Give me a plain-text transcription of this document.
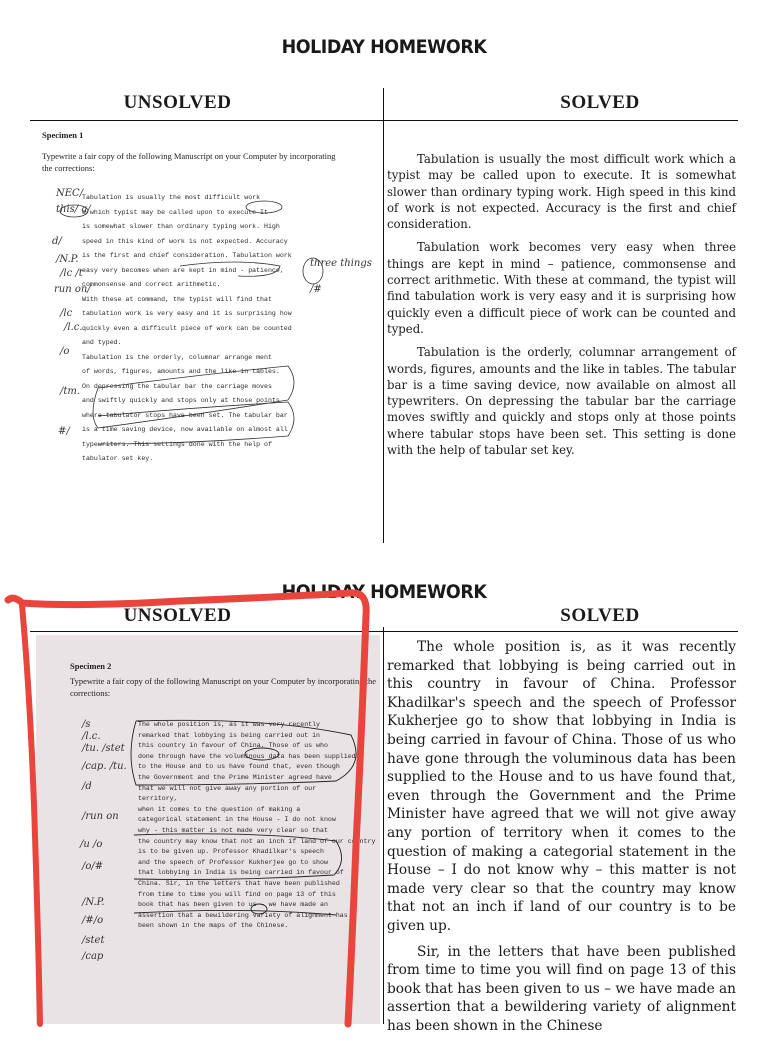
HOLIDAY HOMEWORK
UNSOLVED	SOLVED
Specimen 1
Typewrite a fair copy of the following Manuscript on your Computer by incorporating the corrections:
Tabulation is usually the most difficult work
a which typist may be called upon to execute It
is somewhat slower than ordinary typing work. High
speed in this kind of work is not expected. Accuracy
is the first and chief consideration. Tabulation work
easy very becomes when are kept in mind - patience,
commonsense and correct arithmetic.
With these at command, the typist will find that
tabulation work is very easy and it is surprising how
quickly even a difficult piece of work can be counted
and typed.
Tabulation is the orderly, columnar arrange ment
of words, figures, amounts and the like in tables.
On depressing the tabular bar the carriage moves
and swiftly quickly and stops only at those points
where tabulator stops have been set. The tabular bar
is a time saving device, now available on almost all
typewriters. This settings done with the help of
tabulator set key.
NEC/
this/ a/
d/
/N.P.
/lc /t
run on/
/lc
/l.c.
/o
/tm.
#/
three things
/#

Tabulation is usually the most difficult work which a typist may be called upon to execute. It is somewhat slower than ordinary typing work. High speed in this kind of work is not expected. Accuracy is the first and chief consideration.

Tabulation work becomes very easy when three things are kept in mind – patience, commonsense and correct arithmetic. With these at command, the typist will find tabulation work is very easy and it is surprising how quickly even a difficult piece of work can be counted and typed.

Tabulation is the orderly, columnar arrangement of words, figures, amounts and the like in tables. The tabular bar is a time saving device, now available on almost all typewriters. On depressing the tabular bar the carriage moves swiftly and quickly and stops only at those points where tabular stops have been set. This setting is done with the help of tabular set key.

HOLIDAY HOMEWORK
UNSOLVED	SOLVED
Specimen 2
Typewrite a fair copy of the following Manuscript on your Computer by incorporating the corrections:
The whole position is, as it was very recently
remarked that lobbying is being carried out in
this country in favour of China. Those of us who
done through have the voluminous data has been supplied
to the House and to us have found that, even though
the Government and the Prime Minister agreed have
that we will not give away any portion of our
territory,
when it comes to the question of making a
categorical statement in the House - I do not know
why - this matter is not made very clear so that
the country may know that not an inch if land of our country
is to be given up. Professor Khadilkar's speech
and the speech of Professor Kukherjee go to show
that lobbying in India is being carried in favour of
China. Sir, in the letters that have been published
from time to time you will find on page 13 of this
book that has been given to us - we have made an
assertion that a bewildering variety of alignment has
been shown in the maps of the Chinese.
/s
/l.c.
/tu. /stet
/cap. /tu.
/d
/run on
/u /o
/o/#
/N.P.
/#/o
/stet
/cap

The whole position is, as it was recently remarked that lobbying is being carried out in this country in favour of China. Professor Khadilkar's speech and the speech of Professor Kukherjee go to show that lobbying in India is being carried in favour of China. Those of us who have gone through the voluminous data has been supplied to the House and to us have found that, even through the Government and the Prime Minister have agreed that we will not give away any portion of territory when it comes to the question of making a categorial statement in the House – I do not know why – this matter is not made very clear so that the country may know that not an inch if land of our country is to be given up.

Sir, in the letters that have been published from time to time you will find on page 13 of this book that has been given to us – we have made an assertion that a bewildering variety of alignment has been shown in the Chinese
